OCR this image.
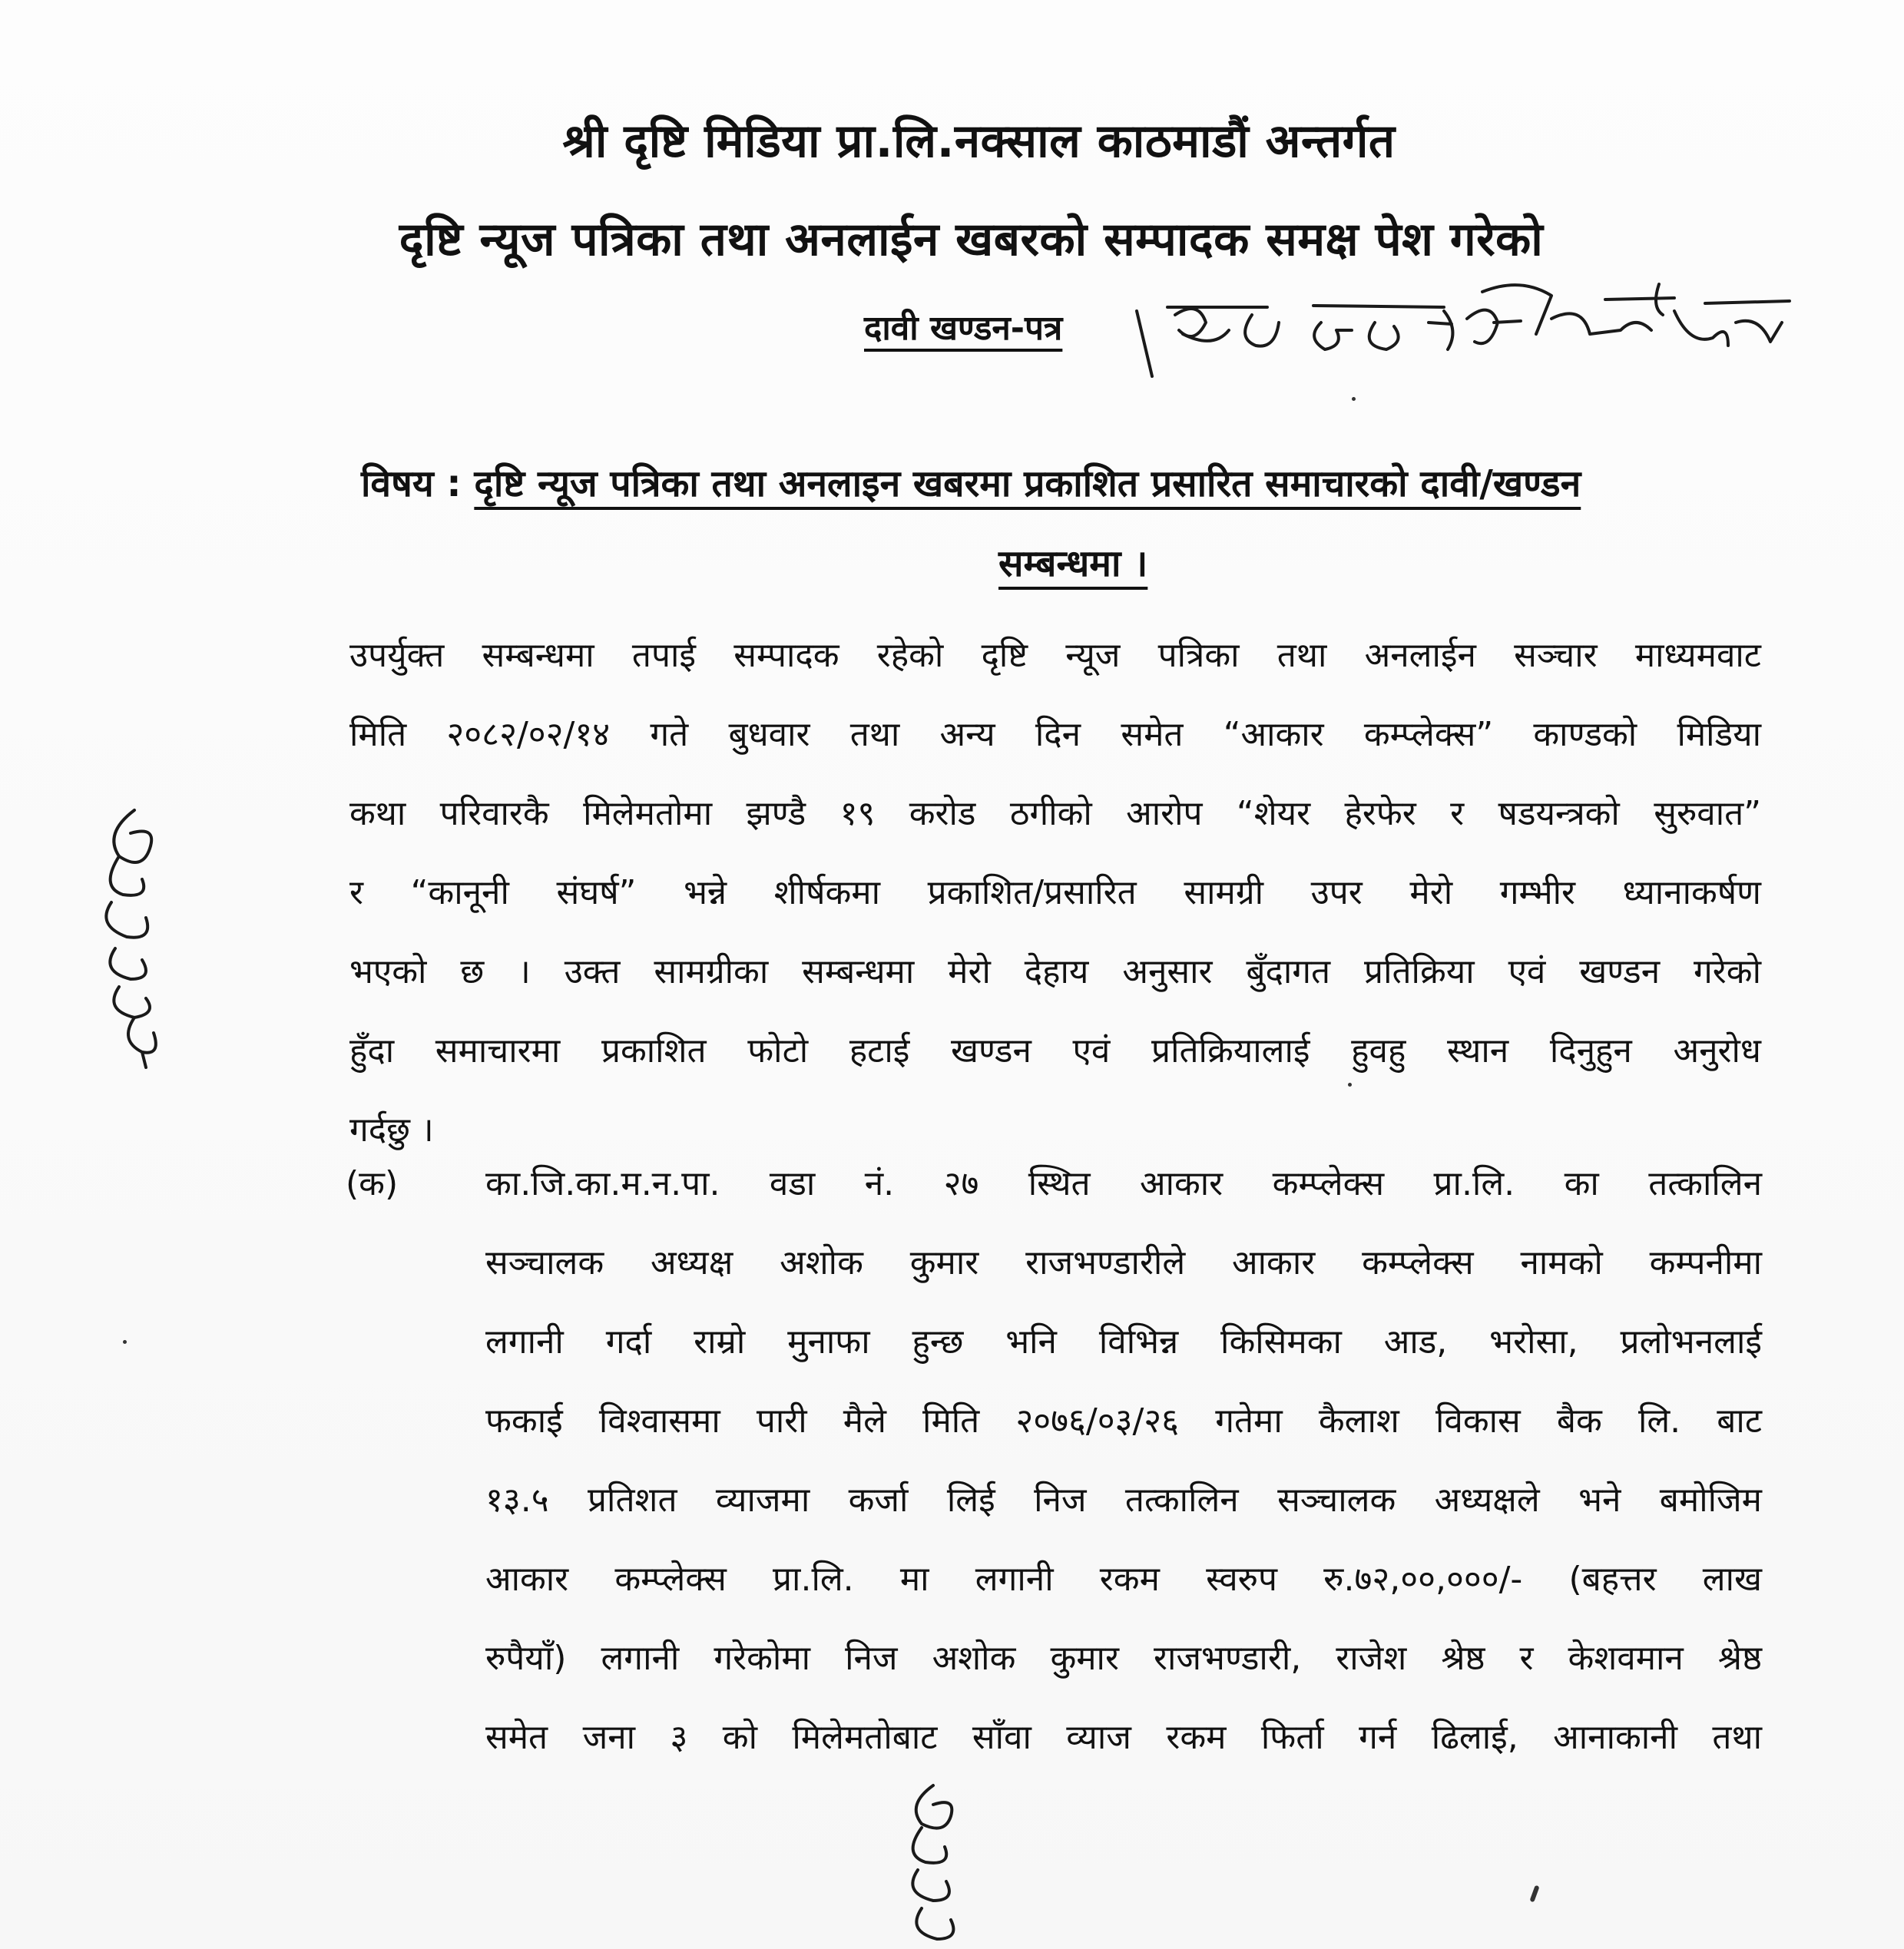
श्री दृष्टि मिडिया प्रा.लि.नक्साल काठमाडौं अन्तर्गत
दृष्टि न्यूज पत्रिका तथा अनलाईन खबरको सम्पादक समक्ष पेश गरेको
दावी खण्डन-पत्र
विषय : दृष्टि न्यूज पत्रिका तथा अनलाइन खबरमा प्रकाशित प्रसारित समाचारको दावी/खण्डन
सम्बन्धमा ।
उपर्युक्त सम्बन्धमा तपाई सम्पादक रहेको दृष्टि न्यूज पत्रिका तथा अनलाईन सञ्चार माध्यमवाट
मिति २०८२/०२/१४ गते बुधवार तथा अन्य दिन समेत “आकार कम्प्लेक्स” काण्डको मिडिया
कथा परिवारकै मिलेमतोमा झण्डै १९ करोड ठगीको आरोप “शेयर हेरफेर र षडयन्त्रको सुरुवात”
र “कानूनी संघर्ष” भन्ने शीर्षकमा प्रकाशित/प्रसारित सामग्री उपर मेरो गम्भीर ध्यानाकर्षण
भएको छ । उक्त सामग्रीका सम्बन्धमा मेरो देहाय अनुसार बुँदागत प्रतिक्रिया एवं खण्डन गरेको
हुँदा समाचारमा प्रकाशित फोटो हटाई खण्डन एवं प्रतिक्रियालाई हुवहु स्थान दिनुहुन अनुरोध
गर्दछु ।
(क)	का.जि.का.म.न.पा. वडा नं. २७ स्थित आकार कम्प्लेक्स प्रा.लि. का तत्कालिन
सञ्चालक अध्यक्ष अशोक कुमार राजभण्डारीले आकार कम्प्लेक्स नामको कम्पनीमा
लगानी गर्दा राम्रो मुनाफा हुन्छ भनि विभिन्न किसिमका आड, भरोसा, प्रलोभनलाई
फकाई विश्वासमा पारी मैले मिति २०७६/०३/२६ गतेमा कैलाश विकास बैक लि. बाट
१३.५ प्रतिशत व्याजमा कर्जा लिई निज तत्कालिन सञ्चालक अध्यक्षले भने बमोजिम
आकार कम्प्लेक्स प्रा.लि. मा लगानी रकम स्वरुप रु.७२,००,०००/- (बहत्तर लाख
रुपैयाँ) लगानी गरेकोमा निज अशोक कुमार राजभण्डारी, राजेश श्रेष्ठ र केशवमान श्रेष्ठ
समेत जना ३ को मिलेमतोबाट साँवा व्याज रकम फिर्ता गर्न ढिलाई, आनाकानी तथा
